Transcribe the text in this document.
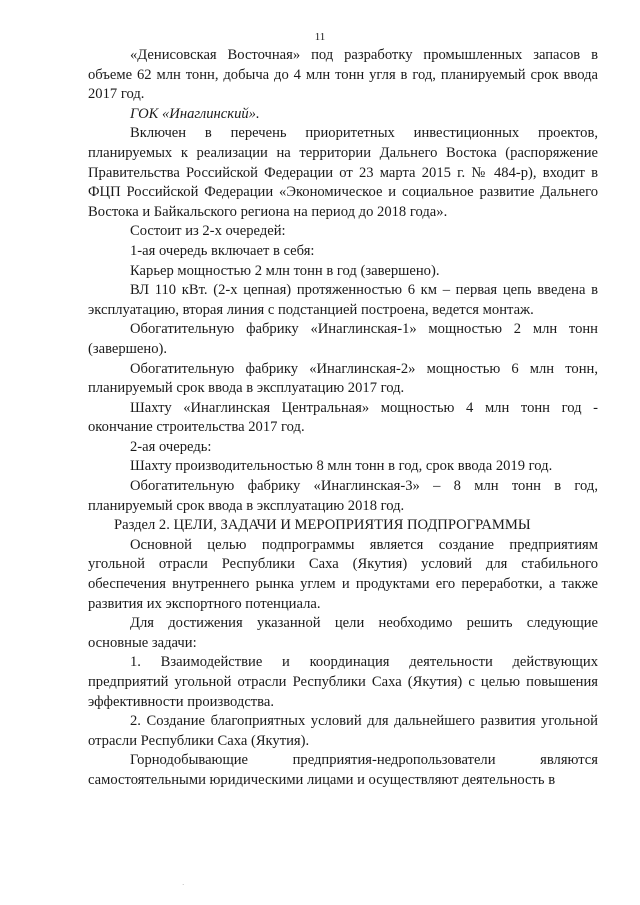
11

«Денисовская Восточная» под разработку промышленных запасов в объеме 62 млн тонн, добыча до 4 млн тонн угля в год, планируемый срок ввода 2017 год.

ГОК «Инаглинский».

Включен в перечень приоритетных инвестиционных проектов, планируемых к реализации на территории Дальнего Востока (распоряжение Правительства Российской Федерации от 23 марта 2015 г. № 484-р), входит в ФЦП Российской Федерации «Экономическое и социальное развитие Дальнего Востока и Байкальского региона на период до 2018 года».

Состоит из 2-х очередей:

1-ая очередь включает в себя:

Карьер мощностью 2 млн тонн в год (завершено).

ВЛ 110 кВт. (2-х цепная) протяженностью 6 км – первая цепь введена в эксплуатацию, вторая линия с подстанцией построена, ведется монтаж.

Обогатительную фабрику «Инаглинская-1» мощностью 2 млн тонн (завершено).

Обогатительную фабрику «Инаглинская-2» мощностью 6 млн тонн, планируемый срок ввода в эксплуатацию 2017 год.

Шахту «Инаглинская Центральная» мощностью 4 млн тонн год - окончание строительства 2017 год.

2-ая очередь:

Шахту производительностью 8 млн тонн в год, срок ввода 2019 год.

Обогатительную фабрику «Инаглинская-3» – 8 млн тонн в год, планируемый срок ввода в эксплуатацию 2018 год.

Раздел 2. ЦЕЛИ, ЗАДАЧИ И МЕРОПРИЯТИЯ ПОДПРОГРАММЫ

Основной целью подпрограммы является создание предприятиям угольной отрасли Республики Саха (Якутия) условий для стабильного обеспечения внутреннего рынка углем и продуктами его переработки, а также развития их экспортного потенциала.

Для достижения указанной цели необходимо решить следующие основные задачи:

1. Взаимодействие и координация деятельности действующих предприятий угольной отрасли Республики Саха (Якутия) с целью повышения эффективности производства.

2. Создание благоприятных условий для дальнейшего развития угольной отрасли Республики Саха (Якутия).

Горнодобывающие предприятия-недропользователи являются самостоятельными юридическими лицами и осуществляют деятельность в

·
